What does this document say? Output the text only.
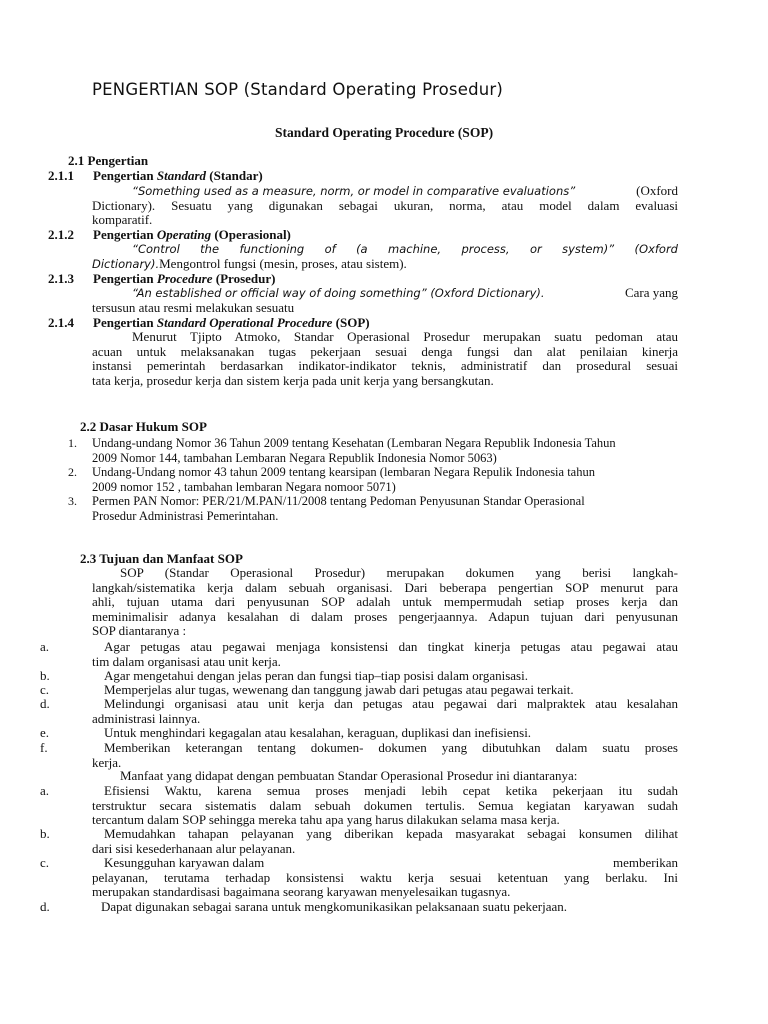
PENGERTIAN SOP (Standard Operating Prosedur)
Standard Operating Procedure (SOP)
2.1 Pengertian
2.1.1 Pengertian Standard (Standar)
“Something used as a measure, norm, or model in comparative evaluations”	(Oxford
Dictionary). Sesuatu yang digunakan sebagai ukuran, norma, atau model dalam evaluasi
komparatif.
2.1.2 Pengertian Operating (Operasional)
“Control the functioning of (a machine, process, or system)” (Oxford
Dictionary).Mengontrol fungsi (mesin, proses, atau sistem).
2.1.3 Pengertian Procedure (Prosedur)
“An established or official way of doing something” (Oxford Dictionary).	Cara yang
tersusun atau resmi melakukan sesuatu
2.1.4 Pengertian Standard Operational Procedure (SOP)
Menurut Tjipto Atmoko, Standar Operasional Prosedur merupakan suatu pedoman atau
acuan untuk melaksanakan tugas pekerjaan sesuai denga fungsi dan alat penilaian kinerja
instansi pemerintah berdasarkan indikator-indikator teknis, administratif dan prosedural sesuai
tata kerja, prosedur kerja dan sistem kerja pada unit kerja yang bersangkutan.
2.2 Dasar Hukum SOP
1. Undang-undang Nomor 36 Tahun 2009 tentang Kesehatan (Lembaran Negara Republik Indonesia Tahun
2009 Nomor 144, tambahan Lembaran Negara Republik Indonesia Nomor 5063)
2. Undang-Undang nomor 43 tahun 2009 tentang kearsipan (lembaran Negara Repulik Indonesia tahun
2009 nomor 152 , tambahan lembaran Negara nomoor 5071)
3. Permen PAN Nomor: PER/21/M.PAN/11/2008 tentang Pedoman Penyusunan Standar Operasional
Prosedur Administrasi Pemerintahan.
2.3 Tujuan dan Manfaat SOP
SOP (Standar Operasional Prosedur) merupakan dokumen yang berisi langkah-
langkah/sistematika kerja dalam sebuah organisasi. Dari beberapa pengertian SOP menurut para
ahli, tujuan utama dari penyusunan SOP adalah untuk mempermudah setiap proses kerja dan
meminimalisir adanya kesalahan di dalam proses pengerjaannya. Adapun tujuan dari penyusunan
SOP diantaranya :
a.	Agar petugas atau pegawai menjaga konsistensi dan tingkat kinerja petugas atau pegawai atau
tim dalam organisasi atau unit kerja.
b.	Agar mengetahui dengan jelas peran dan fungsi tiap–tiap posisi dalam organisasi.
c.	Memperjelas alur tugas, wewenang dan tanggung jawab dari petugas atau pegawai terkait.
d.	Melindungi organisasi atau unit kerja dan petugas atau pegawai dari malpraktek atau kesalahan
administrasi lainnya.
e.	Untuk menghindari kegagalan atau kesalahan, keraguan, duplikasi dan inefisiensi.
f.	Memberikan keterangan tentang dokumen- dokumen yang dibutuhkan dalam suatu proses
kerja.
Manfaat yang didapat dengan pembuatan Standar Operasional Prosedur ini diantaranya:
a.	Efisiensi Waktu, karena semua proses menjadi lebih cepat ketika pekerjaan itu sudah
terstruktur secara sistematis dalam sebuah dokumen tertulis. Semua kegiatan karyawan sudah
tercantum dalam SOP sehingga mereka tahu apa yang harus dilakukan selama masa kerja.
b.	Memudahkan tahapan pelayanan yang diberikan kepada masyarakat sebagai konsumen dilihat
dari sisi kesederhanaan alur pelayanan.
c.	Kesungguhan karyawan dalam	memberikan
pelayanan, terutama terhadap konsistensi waktu kerja sesuai ketentuan yang berlaku. Ini
merupakan standardisasi bagaimana seorang karyawan menyelesaikan tugasnya.
d.	Dapat digunakan sebagai sarana untuk mengkomunikasikan pelaksanaan suatu pekerjaan.
